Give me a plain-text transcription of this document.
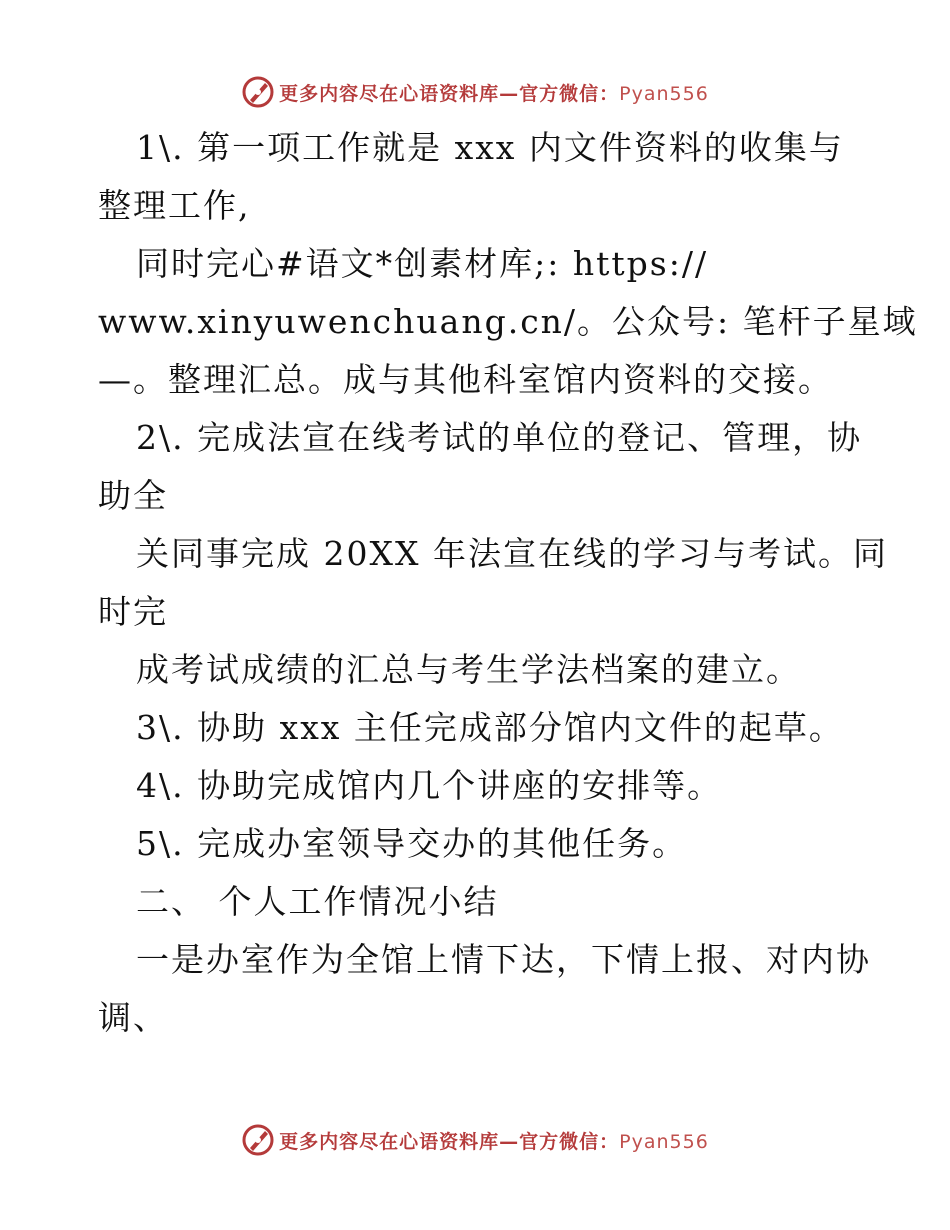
更多内容尽在心语资料库—官方微信：Pyan556
1\. 第一项工作就是 xxx 内文件资料的收集与
整理工作,
同时完心#语文*创素材库;: https://
www.xinyuwenchuang.cn/。公众号: 笔杆子星域
—。整理汇总。成与其他科室馆内资料的交接。
2\. 完成法宣在线考试的单位的登记、管理，协
助全
关同事完成 20XX 年法宣在线的学习与考试。同
时完
成考试成绩的汇总与考生学法档案的建立。
3\. 协助 xxx 主任完成部分馆内文件的起草。
4\. 协助完成馆内几个讲座的安排等。
5\. 完成办室领导交办的其他任务。
二、 个人工作情况小结
一是办室作为全馆上情下达，下情上报、对内协
调、
更多内容尽在心语资料库—官方微信：Pyan556
